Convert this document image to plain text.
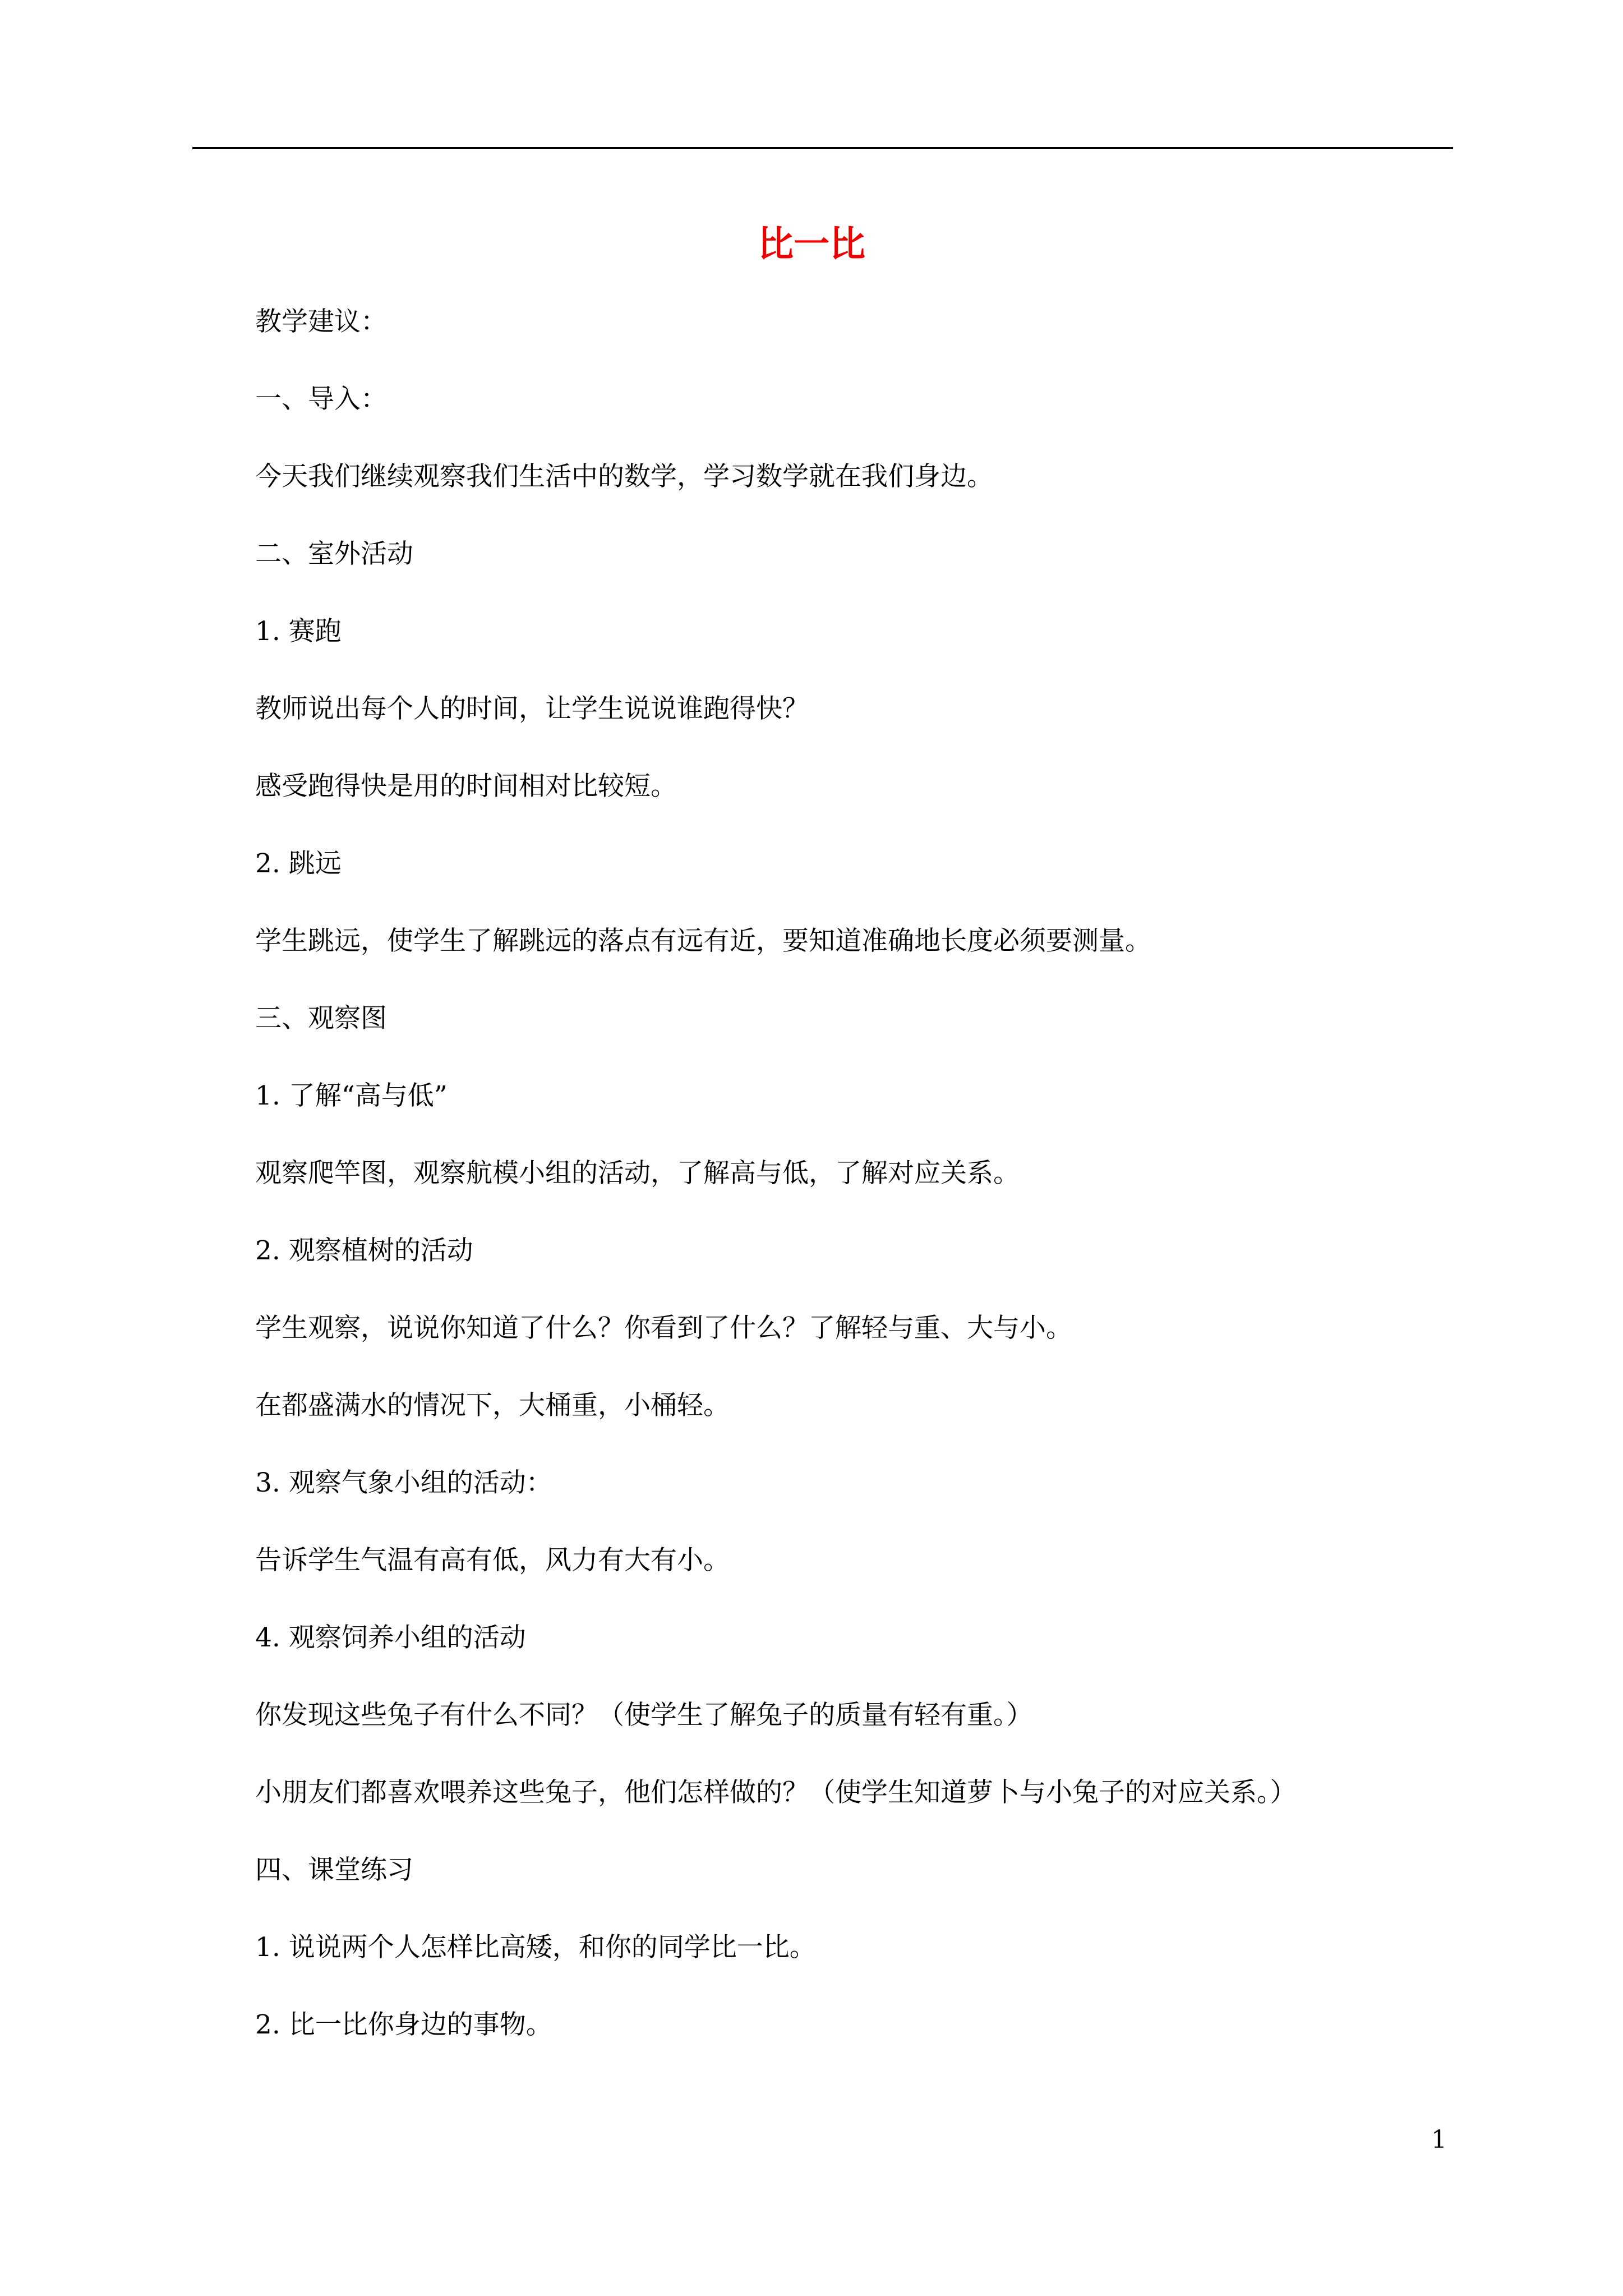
比一比

教学建议：

一、导入：

今天我们继续观察我们生活中的数学，学习数学就在我们身边。

二、室外活动

1. 赛跑

教师说出每个人的时间，让学生说说谁跑得快？

感受跑得快是用的时间相对比较短。

2. 跳远

学生跳远，使学生了解跳远的落点有远有近，要知道准确地长度必须要测量。

三、观察图

1. 了解“高与低”

观察爬竿图，观察航模小组的活动，了解高与低，了解对应关系。

2. 观察植树的活动

学生观察，说说你知道了什么？你看到了什么？了解轻与重、大与小。

在都盛满水的情况下，大桶重，小桶轻。

3. 观察气象小组的活动：

告诉学生气温有高有低，风力有大有小。

4. 观察饲养小组的活动

你发现这些兔子有什么不同？（使学生了解兔子的质量有轻有重。）

小朋友们都喜欢喂养这些兔子，他们怎样做的？（使学生知道萝卜与小兔子的对应关系。）

四、课堂练习

1. 说说两个人怎样比高矮，和你的同学比一比。

2. 比一比你身边的事物。

1
